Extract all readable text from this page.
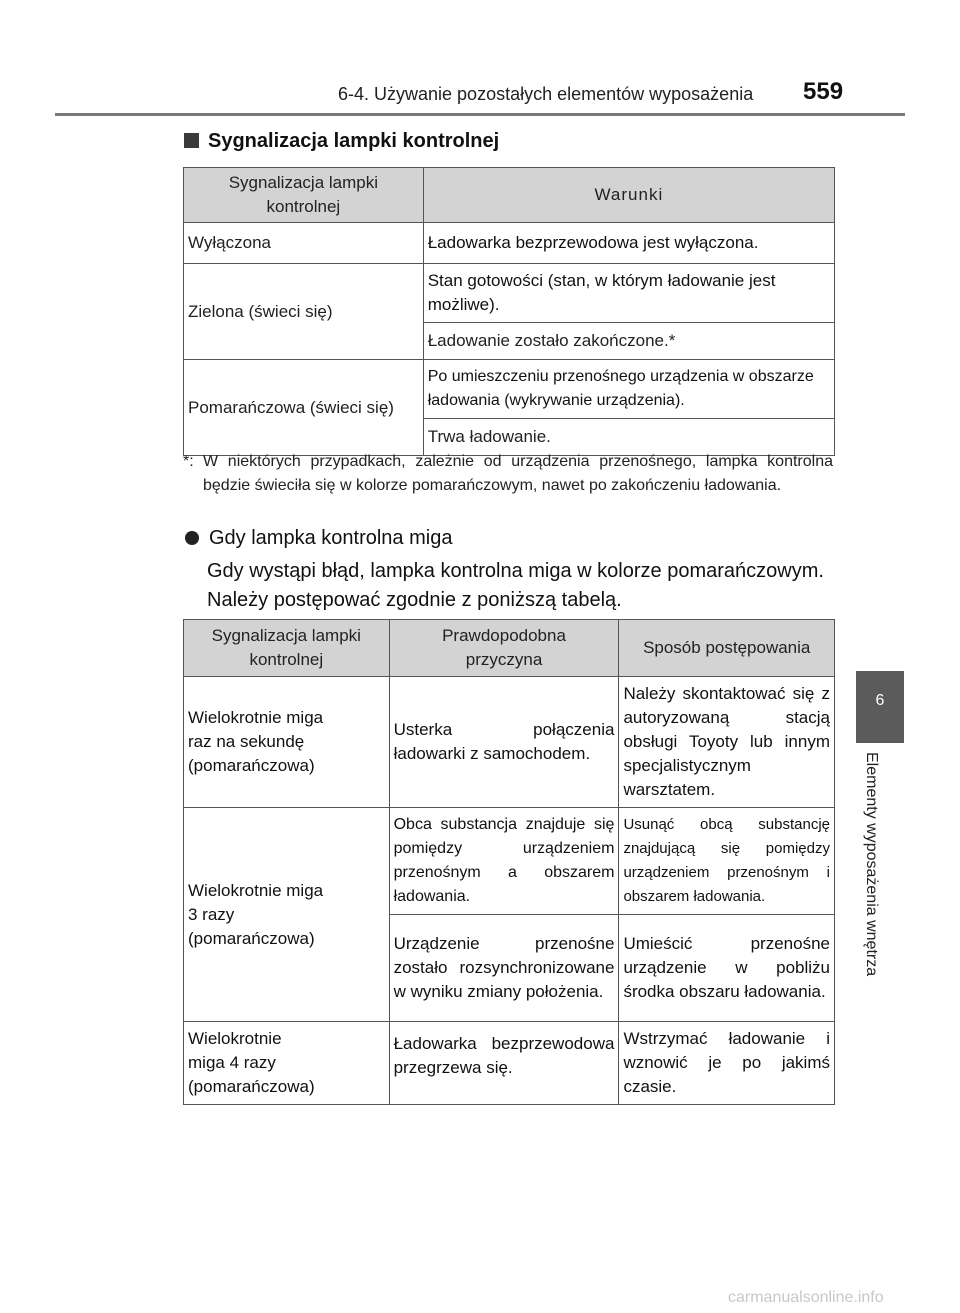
6-4. Używanie pozostałych elementów wyposażenia 559
Sygnalizacja lampki kontrolnej
Sygnalizacja lampki kontrolnej	Warunki
Wyłączona	Ładowarka bezprzewodowa jest wyłączona.
Zielona (świeci się)	Stan gotowości (stan, w którym ładowanie jest możliwe).
	Ładowanie zostało zakończone.*
Pomarańczowa (świeci się)	Po umieszczeniu przenośnego urządzenia w obszarze ładowania (wykrywanie urządzenia).
	Trwa ładowanie.
*: W niektórych przypadkach, zależnie od urządzenia przenośnego, lampka kontrolna będzie świeciła się w kolorze pomarańczowym, nawet po zakończeniu ładowania.
Gdy lampka kontrolna miga
Gdy wystąpi błąd, lampka kontrolna miga w kolorze pomarańczowym. Należy postępować zgodnie z poniższą tabelą.
Sygnalizacja lampki kontrolnej	Prawdopodobna przyczyna	Sposób postępowania
Wielokrotnie miga
raz na sekundę
(pomarańczowa)	Usterka połączenia ładowarki z samochodem.	Należy skontaktować się z autoryzowaną stacją obsługi Toyoty lub innym specjalistycznym warsztatem.
Wielokrotnie miga
3 razy
(pomarańczowa)	Obca substancja znajduje się pomiędzy urządzeniem przenośnym a obszarem ładowania.	Usunąć obcą substancję znajdującą się pomiędzy urządzeniem przenośnym i obszarem ładowania.
	Urządzenie przenośne zostało rozsynchronizowane w wyniku zmiany położenia.	Umieścić przenośne urządzenie w pobliżu środka obszaru ładowania.
Wielokrotnie
miga 4 razy
(pomarańczowa)	Ładowarka bezprzewodowa przegrzewa się.	Wstrzymać ładowanie i wznowić je po jakimś czasie.
6
Elementy wyposażenia wnętrza
carmanualsonline.info
